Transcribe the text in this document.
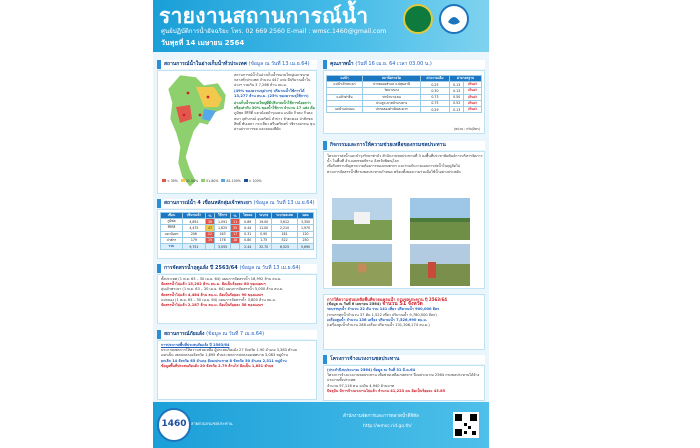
รายงานสถานการณ์น้ำ
ศูนย์ปฏิบัติการน้ำอัจฉริยะ โทร. 02 669 2560 E-mail : wmsc.1460@gmail.com
วันพุธที่ 14 เมษายน 2564
สถานการณ์น้ำในอ่างเก็บน้ำทั่วประเทศ (ข้อมูล ณ วันที่ 13 เม.ย.64)
สถานการณ์น้ำในอ่างเก็บน้ำขนาดใหญ่และขนาดกลางทั่วประเทศ จำนวน 447 แห่ง มีปริมาณน้ำในอ่างฯ รวมกัน 3 7,266 ล้าน ลบ.ม.
(49% ของความจุอ่างฯ) ปริมาณน้ำใช้การได้ 13,277 ล้าน ลบ.ม. (25% ของความจุใช้การ)
อ่างเก็บน้ำขนาดใหญ่ที่มีปริมาณน้ำใช้การน้อยกว่าหรือเท่ากับ 30% ของน้ำใช้การ จำนวน 17 แห่ง คือ
ภูมิพล สิริกิติ์ แควน้อยบำรุงแดน แม่งัด กิ่วลม กิ่วคอหมา จุฬาภรณ์ อุบลรัตน์ ลำปาว ลำตะคอง ป่าสักชลสิทธิ์ ทับเสลา กระเสียว ศรีนครินทร์ วชิราลงกรณ ขุนด่านปราการชล และคลองสียัด
< 30%	31-50%	51-80%	81-100%	> 100%
สถานการณ์น้ำ 4 เขื่อนหลักลุ่มเจ้าพระยา (ข้อมูล ณ วันที่ 13 เม.ย.64)
เขื่อน	ปริมาณน้ำ	%	ใช้การ	%	ไหลลง	ระบาย	ระบายสะสม	แผน
ภูมิพล	4,891	36	1,091	11	0.89	19.00	3,612	3,350
สิริกิติ์	4,475	47	1,625	25	0.44	11.00	2,210	1,970
แควน้อยฯ	206	22	163	17	0.31	0.95	181	120
ป่าสักฯ	179	19	176	18	0.80	1.75	522	250
รวม	9,751		3,055		2.44	32.70	6,525	5,690
การจัดสรรน้ำฤดูแล้ง ปี 2563/64 (ข้อมูล ณ วันที่ 13 เม.ย.64)
ทั้งประเทศ (1 พ.ย. 63 – 30 เม.ย. 64) แผนการจัดสรรน้ำ 18,992 ล้าน ลบ.ม.
จัดสรรน้ำไปแล้ว 15,202 ล้าน ลบ.ม. คิดเป็นร้อยละ 80 ของแผนฯ
ลุ่มเจ้าพระยา (1 พ.ย. 63 – 30 เม.ย. 64) แผนการจัดสรรน้ำ 5,000 ล้าน ลบ.ม.
จัดสรรน้ำไปแล้ว 4,484 ล้าน ลบ.ม. คิดเป็นร้อยละ 90 ของแผนฯ
แม่กลอง (1 พ.ย. 63 – 30 เม.ย. 64) แผนการจัดสรรน้ำ 3,800 ล้าน ลบ.ม.
จัดสรรน้ำไปแล้ว 2,187 ล้าน ลบ.ม. คิดเป็นร้อยละ 58 ของแผนฯ
สถานการณ์ภัยแล้ง (ข้อมูล ณ วันที่ 7 เม.ย.64)
การประกาศพื้นที่ประสบภัยแล้ง ปี 2563/64
ประกาศเขตการให้ความช่วยเหลือ ผู้ประสบภัยแล้ง 27 จังหวัด 1.90 อำเภอ 3,383 ตำบล
แยกเป็น เขตปกครองจังหวัด 1,895 ตำบล เขตการปกครองเทศบาล 3,083 หมู่บ้าน
ยกเลิก 14 จังหวัด 85 อำเภอ ยังคงประกาศ 8 จังหวัด 50 อำเภอ 2,511 หมู่บ้าน
ข้อมูลพื้นที่ประสบภัยแล้ง 20 จังหวัด 2.79 ล้านไร่ คิดเป็น 1,851 ตำบล
คุณภาพน้ำ (วันที่ 16 เม.ย. 64 เวลา 03.00 น.)
แม่น้ำ	สถานีตรวจวัด	ค่าความเค็ม	ค่ามาตรฐาน	
แม่น้ำเจ้าพระยา	ปากคลองสำแล จ.ปทุมธานี	0.25	0.13	เกินค่า
	วัดบางนาง	0.30	0.13	เกินค่า
แม่น้ำท่าจีน	ท่าน้ำบางเลน	0.73	0.50	เกินค่า
	ประตูระบายน้ำบางยาง	0.75	0.52	เกินค่า
แม่น้ำแม่กลอง	ปากคลองดำเนินสะดวก	0.29	0.13	เกินค่า
(หน่วย : กรัม/ลิตร)
กิจกรรมและการให้ความช่วยเหลือของกรมชลประทาน
โครงการส่งน้ำและบำรุงรักษาท่าบัว สำนักงานชลประทานที่ 3 ลงพื้นที่ประชาสัมพันธ์การบริหารจัดการน้ำ ในพื้นที่ อำเภอพรหมพิราม จังหวัดพิษณุโลก
เพื่อรับทราบปัญหาความต้องการของเกษตรกร และร่วมกันวางแผนการส่งน้ำในฤดูถัดไป
ตามการจัดสรรน้ำที่กรมชลประทานกำหนด พร้อมทั้งขอความร่วมมือใช้น้ำอย่างประหยัด
การให้ความช่วยเหลือพื้นที่ขาดแคลนน้ำ กรมชลประทาน ปี 2563/64
(ข้อมูล ณ วันที่ 6 เมษายน 2564) จำนวน 51 จังหวัด
รถบรรทุกน้ำ จำนวน 22 คัน รวม 141 เที่ยว ปริมาณน้ำ 900,000 ลิตร
(รถบรรทุกน้ำจำนวน 37 คัน 1,522 เที่ยว ปริมาณน้ำ 9,780,000 ลิตร)
เครื่องสูบน้ำ จำนวน 136 เครื่อง ปริมาณน้ำ 7,526,990 ลบ.ม.
(เครื่องสูบน้ำจำนวน 288 เครื่อง ปริมาณน้ำ 131,306,174 ลบ.ม.)
โครงการจ้างแรงงานชลประทาน
(ประจำปีงบประมาณ 2564) ข้อมูล ณ วันที่ 31 มี.ค.64
โครงการจ้างแรงงานชลประทาน เพื่อช่วยเหลือเกษตรกร ปีงบประมาณ 2564 กรมชลประทานได้จ้างแรงงานทั้งประเทศ
จำนวน 97,116 คน วงเงิน 4,940 ล้านบาท
ปัจจุบัน มีการจ้างแรงงานไปแล้ว จำนวน 41,223 คน คิดเป็นร้อยละ 43.85
1460	สายด่วนกรมชลประทาน
สำนักงานจัดการและการตลาดน้ำดิจิทัล
http://wmsc.rid.go.th/
